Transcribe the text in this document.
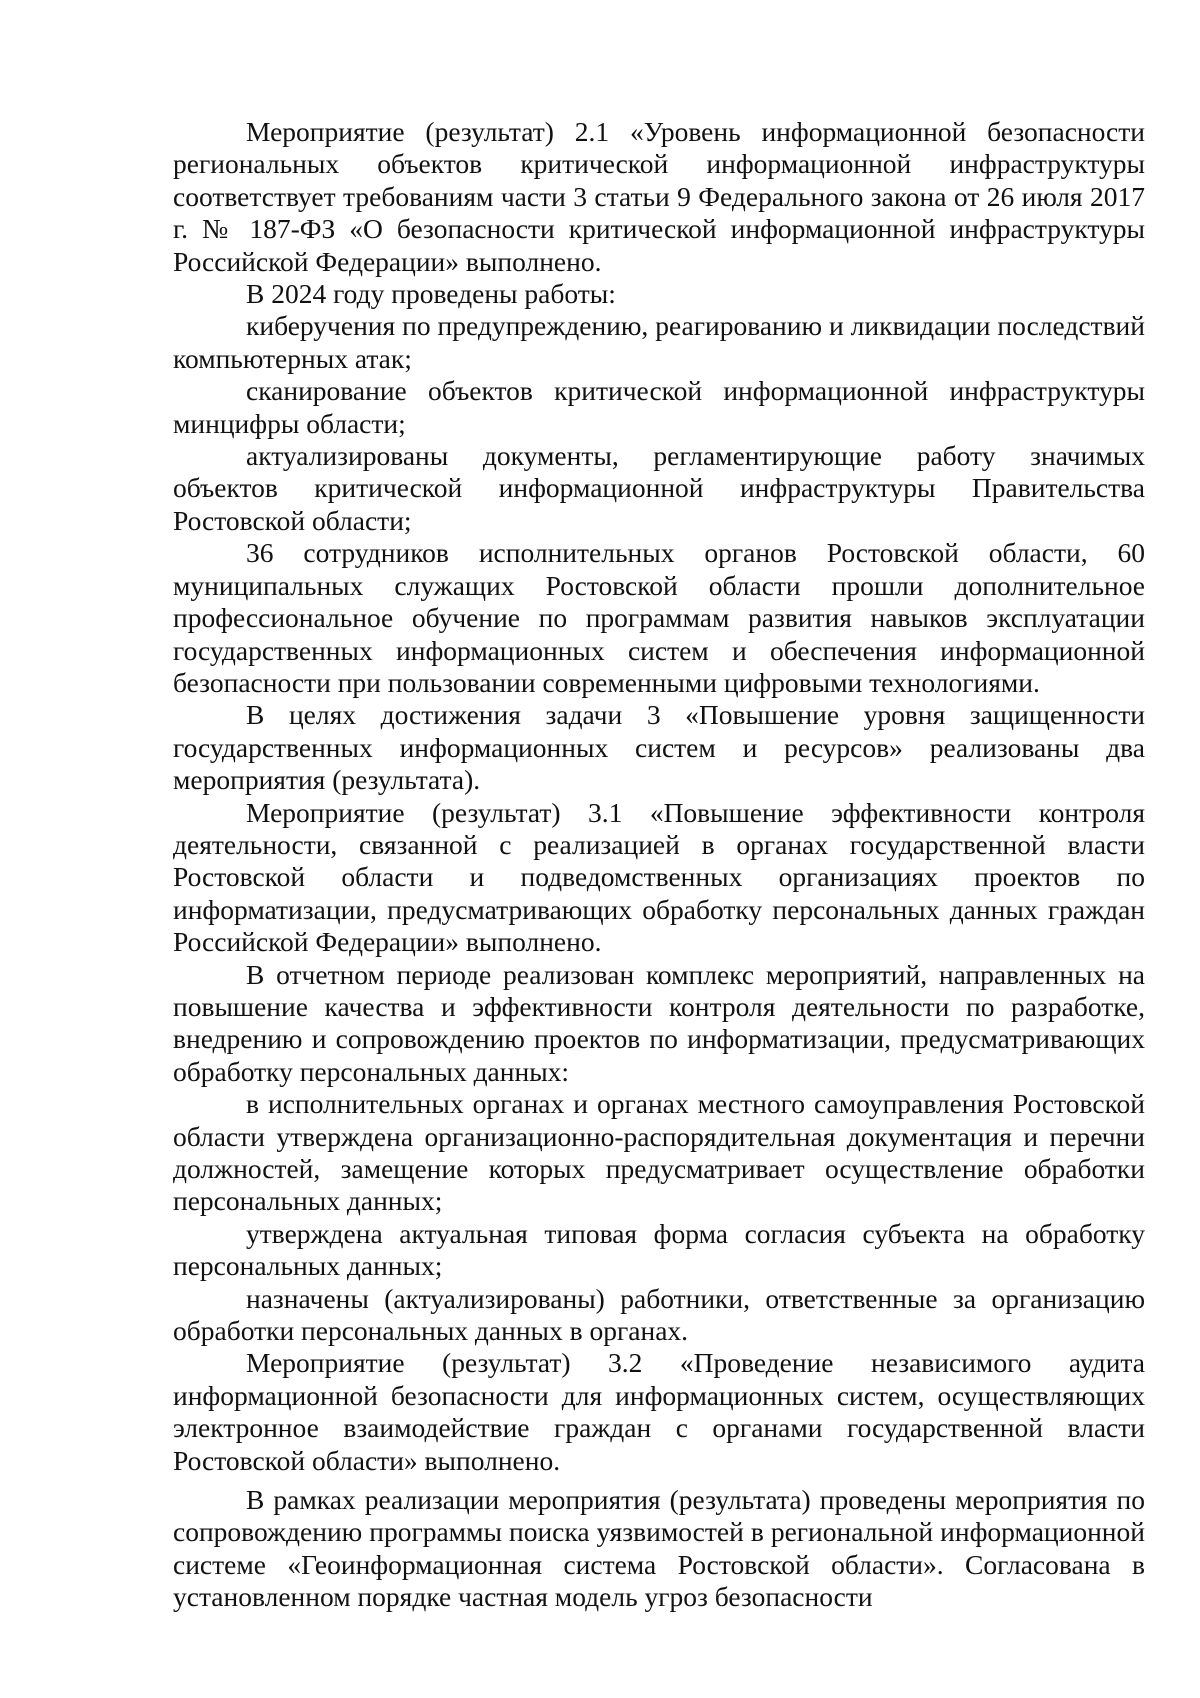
Мероприятие (результат) 2.1 «Уровень информационной безопасности региональных объектов критической информационной инфраструктуры соответствует требованиям части 3 статьи 9 Федерального закона от 26 июля 2017 г. № 187-ФЗ «О безопасности критической информационной инфраструктуры Российской Федерации» выполнено.

В 2024 году проведены работы:

киберучения по предупреждению, реагированию и ликвидации последствий компьютерных атак;

сканирование объектов критической информационной инфраструктуры минцифры области;

актуализированы документы, регламентирующие работу значимых объектов критической информационной инфраструктуры Правительства Ростовской области;

36 сотрудников исполнительных органов Ростовской области, 60 муниципальных служащих Ростовской области прошли дополнительное профессиональное обучение по программам развития навыков эксплуатации государственных информационных систем и обеспечения информационной безопасности при пользовании современными цифровыми технологиями.

В целях достижения задачи 3 «Повышение уровня защищенности государственных информационных систем и ресурсов» реализованы два мероприятия (результата).

Мероприятие (результат) 3.1 «Повышение эффективности контроля деятельности, связанной с реализацией в органах государственной власти Ростовской области и подведомственных организациях проектов по информатизации, предусматривающих обработку персональных данных граждан Российской Федерации» выполнено.

В отчетном периоде реализован комплекс мероприятий, направленных на повышение качества и эффективности контроля деятельности по разработке, внедрению и сопровождению проектов по информатизации, предусматривающих обработку персональных данных:

в исполнительных органах и органах местного самоуправления Ростовской области утверждена организационно-распорядительная документация и перечни должностей, замещение которых предусматривает осуществление обработки персональных данных;

утверждена актуальная типовая форма согласия субъекта на обработку персональных данных;

назначены (актуализированы) работники, ответственные за организацию обработки персональных данных в органах.

Мероприятие (результат) 3.2 «Проведение независимого аудита информационной безопасности для информационных систем, осуществляющих электронное взаимодействие граждан с органами государственной власти Ростовской области» выполнено.

В рамках реализации мероприятия (результата) проведены мероприятия по сопровождению программы поиска уязвимостей в региональной информационной системе «Геоинформационная система Ростовской области». Согласована в установленном порядке частная модель угроз безопасности
